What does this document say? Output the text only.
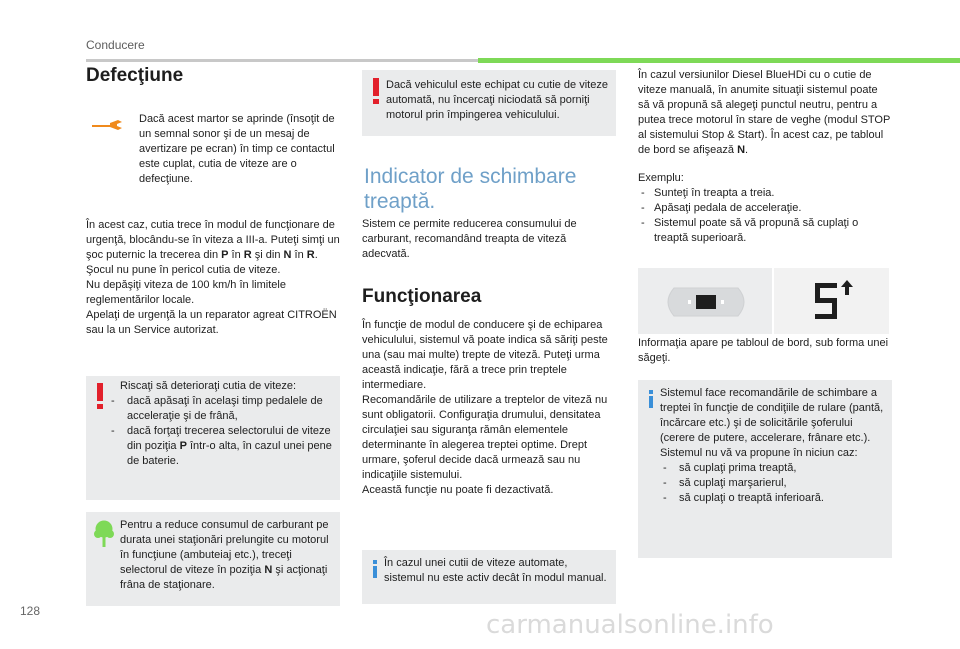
Conducere
Defecţiune
Dacă acest martor se aprinde (însoţit de un semnal sonor şi de un mesaj de avertizare pe ecran) în timp ce contactul este cuplat, cutia de viteze are o defecţiune.
În acest caz, cutia trece în modul de funcţionare de urgenţă, blocându-se în viteza a III-a. Puteţi simţi un şoc puternic la trecerea din P în R şi din N în R. Şocul nu pune în pericol cutia de viteze.
Nu depăşiţi viteza de 100 km/h în limitele reglementărilor locale.
Apelaţi de urgenţă la un reparator agreat CITROËN sau la un Service autorizat.
Riscaţi să deterioraţi cutia de viteze:
- dacă apăsaţi în acelaşi timp pedalele de acceleraţie şi de frână,
- dacă forţaţi trecerea selectorului de viteze din poziţia P într-o alta, în cazul unei pene de baterie.
Pentru a reduce consumul de carburant pe durata unei staţionări prelungite cu motorul în funcţiune (ambuteiaj etc.), treceţi selectorul de viteze în poziţia N şi acţionaţi frâna de staţionare.
Dacă vehiculul este echipat cu cutie de viteze automată, nu încercaţi niciodată să porniţi motorul prin împingerea vehiculului.
Indicator de schimbare
treaptă.
Sistem ce permite reducerea consumului de carburant, recomandând treapta de viteză adecvată.
Funcţionarea
În funcţie de modul de conducere şi de echiparea vehiculului, sistemul vă poate indica să săriţi peste una (sau mai multe) trepte de viteză. Puteţi urma această indicaţie, fără a trece prin treptele intermediare.
Recomandările de utilizare a treptelor de viteză nu sunt obligatorii. Configuraţia drumului, densitatea circulaţiei sau siguranţa rămân elementele determinante în alegerea treptei optime. Drept urmare, şoferul decide dacă urmează sau nu indicaţiile sistemului.
Această funcţie nu poate fi dezactivată.
În cazul unei cutii de viteze automate, sistemul nu este activ decât în modul manual.
În cazul versiunilor Diesel BlueHDi cu o cutie de viteze manuală, în anumite situaţii sistemul poate să vă propună să alegeţi punctul neutru, pentru a putea trece motorul în stare de veghe (modul STOP al sistemului Stop & Start). În acest caz, pe tabloul de bord se afişează N.
Exemplu:
- Sunteţi în treapta a treia.
- Apăsaţi pedala de acceleraţie.
- Sistemul poate să vă propună să cuplaţi o treaptă superioară.
Informaţia apare pe tabloul de bord, sub forma unei săgeţi.
Sistemul face recomandările de schimbare a treptei în funcţie de condiţiile de rulare (pantă, încărcare etc.) şi de solicitările şoferului (cerere de putere, accelerare, frânare etc.).
Sistemul nu vă va propune în niciun caz:
- să cuplaţi prima treaptă,
- să cuplaţi marşarierul,
- să cuplaţi o treaptă inferioară.
128	carmanualsonline.info
